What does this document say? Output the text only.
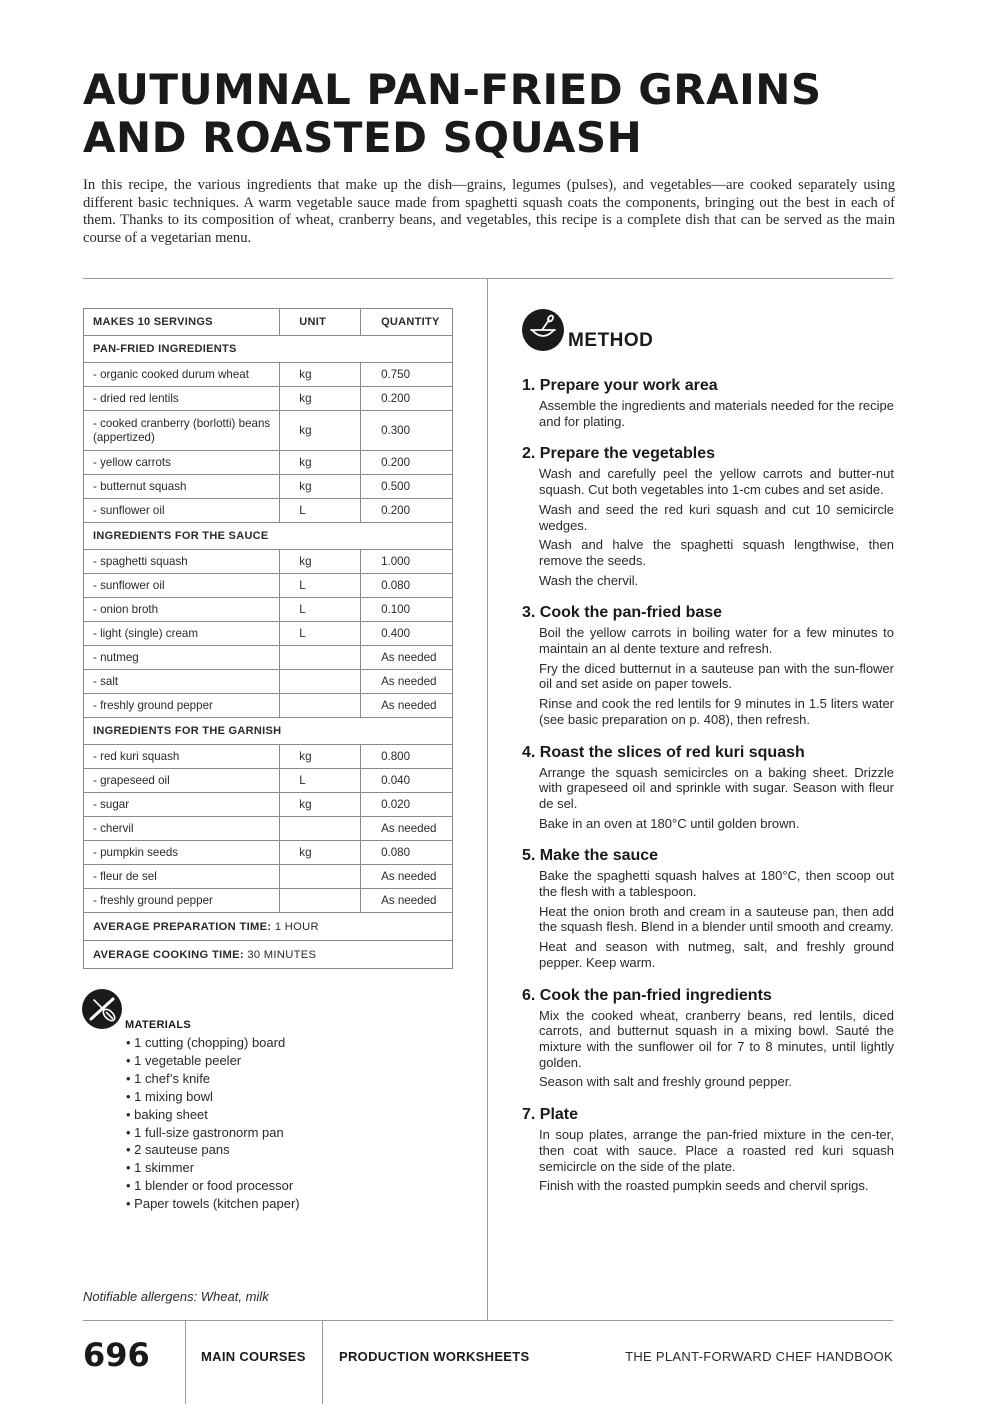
AUTUMNAL PAN-FRIED GRAINS
AND ROASTED SQUASH

In this recipe, the various ingredients that make up the dish—grains, legumes (pulses), and vegetables—are cooked separately using different basic techniques. A warm vegetable sauce made from spaghetti squash coats the components, bringing out the best in each of them. Thanks to its composition of wheat, cranberry beans, and vegetables, this recipe is a complete dish that can be served as the main course of a vegetarian menu.

MAKES 10 SERVINGS	UNIT	QUANTITY
PAN-FRIED INGREDIENTS		
- organic cooked durum wheat	kg	0.750
- dried red lentils	kg	0.200
- cooked cranberry (borlotti) beans (appertized)	kg	0.300
- yellow carrots	kg	0.200
- butternut squash	kg	0.500
- sunflower oil	L	0.200
INGREDIENTS FOR THE SAUCE		
- spaghetti squash	kg	1.000
- sunflower oil	L	0.080
- onion broth	L	0.100
- light (single) cream	L	0.400
- nutmeg		As needed
- salt		As needed
- freshly ground pepper		As needed
INGREDIENTS FOR THE GARNISH		
- red kuri squash	kg	0.800
- grapeseed oil	L	0.040
- sugar	kg	0.020
- chervil		As needed
- pumpkin seeds	kg	0.080
- fleur de sel		As needed
- freshly ground pepper		As needed
AVERAGE PREPARATION TIME: 1 HOUR		
AVERAGE COOKING TIME: 30 MINUTES		
MATERIALS
• 1 cutting (chopping) board
• 1 vegetable peeler
• 1 chef’s knife
• 1 mixing bowl
• baking sheet
• 1 full-size gastronorm pan
• 2 sauteuse pans
• 1 skimmer
• 1 blender or food processor
• Paper towels (kitchen paper)
Notifiable allergens: Wheat, milk
METHOD
1. Prepare your work area

Assemble the ingredients and materials needed for the recipe and for plating.

2. Prepare the vegetables

Wash and carefully peel the yellow carrots and butter-nut squash. Cut both vegetables into 1-cm cubes and set aside.

Wash and seed the red kuri squash and cut 10 semicircle wedges.

Wash and halve the spaghetti squash lengthwise, then remove the seeds.

Wash the chervil.

3. Cook the pan-fried base

Boil the yellow carrots in boiling water for a few minutes to maintain an al dente texture and refresh.

Fry the diced butternut in a sauteuse pan with the sun-flower oil and set aside on paper towels.

Rinse and cook the red lentils for 9 minutes in 1.5 liters water (see basic preparation on p. 408), then refresh.

4. Roast the slices of red kuri squash

Arrange the squash semicircles on a baking sheet. Drizzle with grapeseed oil and sprinkle with sugar. Season with fleur de sel.

Bake in an oven at 180°C until golden brown.

5. Make the sauce

Bake the spaghetti squash halves at 180°C, then scoop out the flesh with a tablespoon.

Heat the onion broth and cream in a sauteuse pan, then add the squash flesh. Blend in a blender until smooth and creamy.

Heat and season with nutmeg, salt, and freshly ground pepper. Keep warm.

6. Cook the pan-fried ingredients

Mix the cooked wheat, cranberry beans, red lentils, diced carrots, and butternut squash in a mixing bowl. Sauté the mixture with the sunflower oil for 7 to 8 minutes, until lightly golden.

Season with salt and freshly ground pepper.

7. Plate

In soup plates, arrange the pan-fried mixture in the cen-ter, then coat with sauce. Place a roasted red kuri squash semicircle on the side of the plate.

Finish with the roasted pumpkin seeds and chervil sprigs.

696	MAIN COURSES	PRODUCTION WORKSHEETS	THE PLANT-FORWARD CHEF HANDBOOK
